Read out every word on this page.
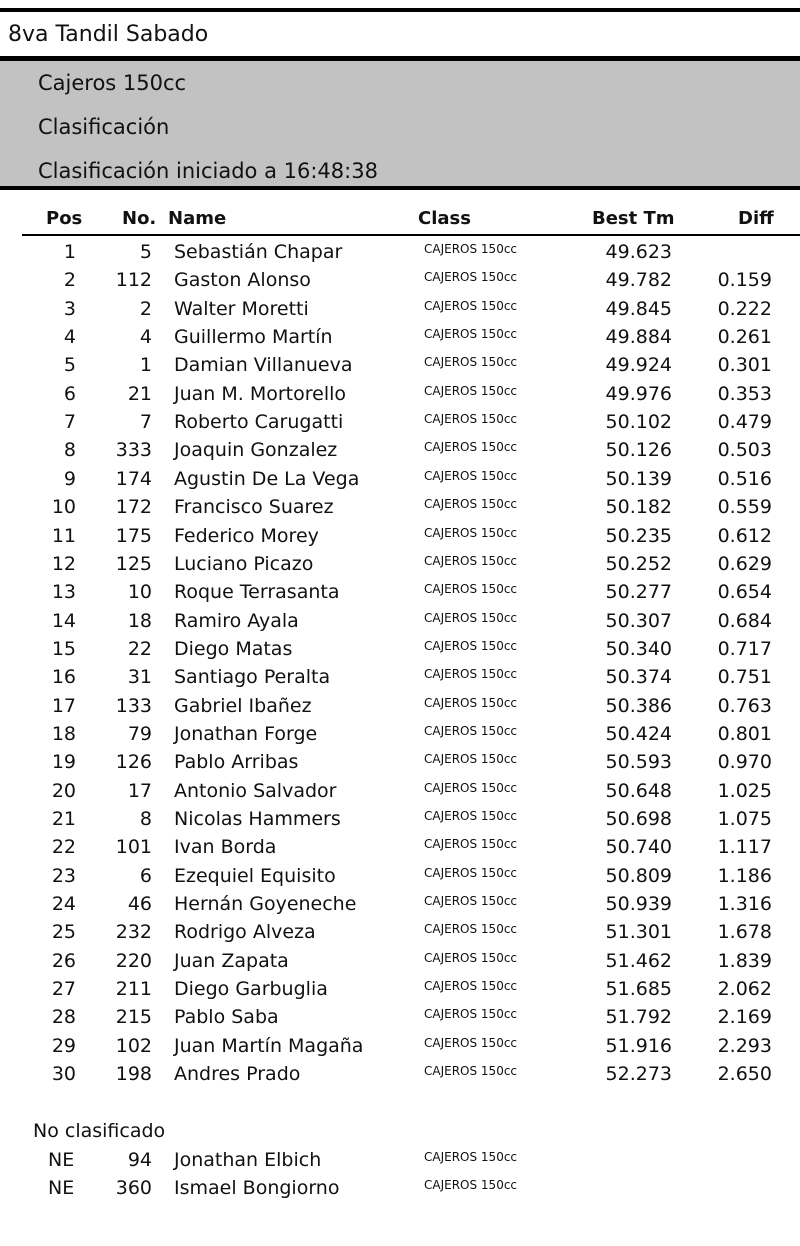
8va Tandil Sabado
Cajeros 150cc
Clasificación
Clasificación iniciado a 16:48:38
Pos No. Name	Class	Best Tm	Diff
1	5 Sebastián Chapar	CAJEROS 150cc	49.623
2	112 Gaston Alonso	CAJEROS 150cc	49.782	0.159
3	2 Walter Moretti	CAJEROS 150cc	49.845	0.222
4	4 Guillermo Martín	CAJEROS 150cc	49.884	0.261
5	1 Damian Villanueva	CAJEROS 150cc	49.924	0.301
6	21 Juan M. Mortorello	CAJEROS 150cc	49.976	0.353
7	7 Roberto Carugatti	CAJEROS 150cc	50.102	0.479
8	333 Joaquin Gonzalez	CAJEROS 150cc	50.126	0.503
9	174 Agustin De La Vega	CAJEROS 150cc	50.139	0.516
10	172 Francisco Suarez	CAJEROS 150cc	50.182	0.559
11	175 Federico Morey	CAJEROS 150cc	50.235	0.612
12	125 Luciano Picazo	CAJEROS 150cc	50.252	0.629
13	10 Roque Terrasanta	CAJEROS 150cc	50.277	0.654
14	18 Ramiro Ayala	CAJEROS 150cc	50.307	0.684
15	22 Diego Matas	CAJEROS 150cc	50.340	0.717
16	31 Santiago Peralta	CAJEROS 150cc	50.374	0.751
17	133 Gabriel Ibañez	CAJEROS 150cc	50.386	0.763
18	79 Jonathan Forge	CAJEROS 150cc	50.424	0.801
19	126 Pablo Arribas	CAJEROS 150cc	50.593	0.970
20	17 Antonio Salvador	CAJEROS 150cc	50.648	1.025
21	8 Nicolas Hammers	CAJEROS 150cc	50.698	1.075
22	101 Ivan Borda	CAJEROS 150cc	50.740	1.117
23	6 Ezequiel Equisito	CAJEROS 150cc	50.809	1.186
24	46 Hernán Goyeneche	CAJEROS 150cc	50.939	1.316
25	232 Rodrigo Alveza	CAJEROS 150cc	51.301	1.678
26	220 Juan Zapata	CAJEROS 150cc	51.462	1.839
27	211 Diego Garbuglia	CAJEROS 150cc	51.685	2.062
28	215 Pablo Saba	CAJEROS 150cc	51.792	2.169
29	102 Juan Martín Magaña	CAJEROS 150cc	51.916	2.293
30	198 Andres Prado	CAJEROS 150cc	52.273	2.650
No clasificado
NE	94 Jonathan Elbich	CAJEROS 150cc
NE	360 Ismael Bongiorno	CAJEROS 150cc
